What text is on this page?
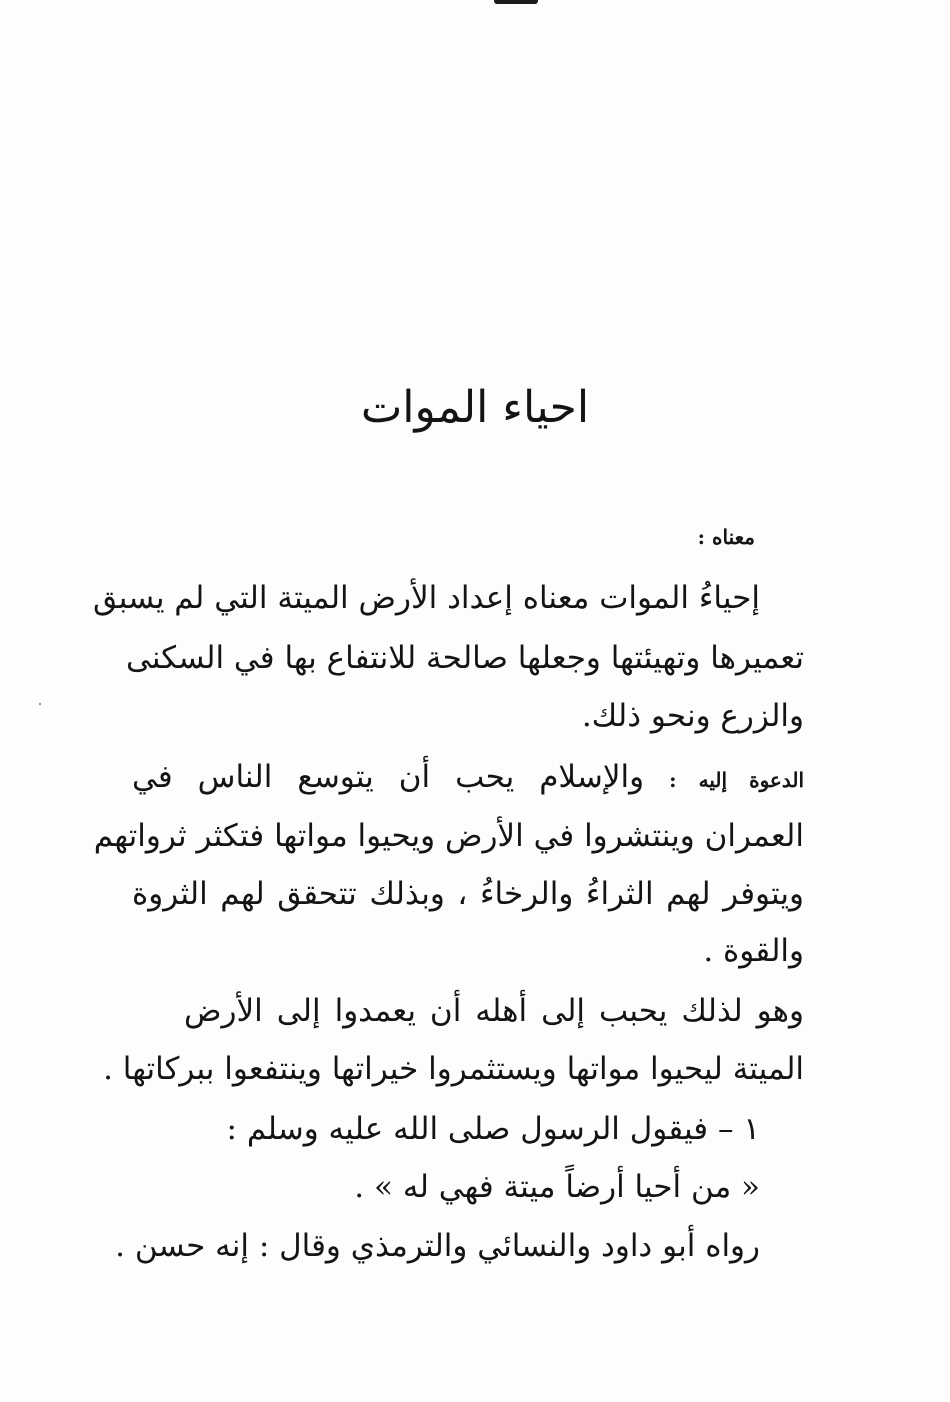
احياء الموات

معناه :

إحياءُ الموات معناه إعداد الأرض الميتة التي لم يسبق

تعميرها وتهيئتها وجعلها صالحة للانتفاع بها في السكنى

والزرع ونحو ذلك.

الدعوة إليه : والإسلام يحب أن يتوسع الناس في

العمران وينتشروا في الأرض ويحيوا مواتها فتكثر ثرواتهم

ويتوفر لهم الثراءُ والرخاءُ ، وبذلك تتحقق لهم الثروة

والقوة .

وهو لذلك يحبب إلى أهله أن يعمدوا إلى الأرض

الميتة ليحيوا مواتها ويستثمروا خيراتها وينتفعوا ببركاتها .

١ – فيقول الرسول صلى الله عليه وسلم :

« من أحيا أرضاً ميتة فهي له » .

رواه أبو داود والنسائي والترمذي وقال : إنه حسن .
